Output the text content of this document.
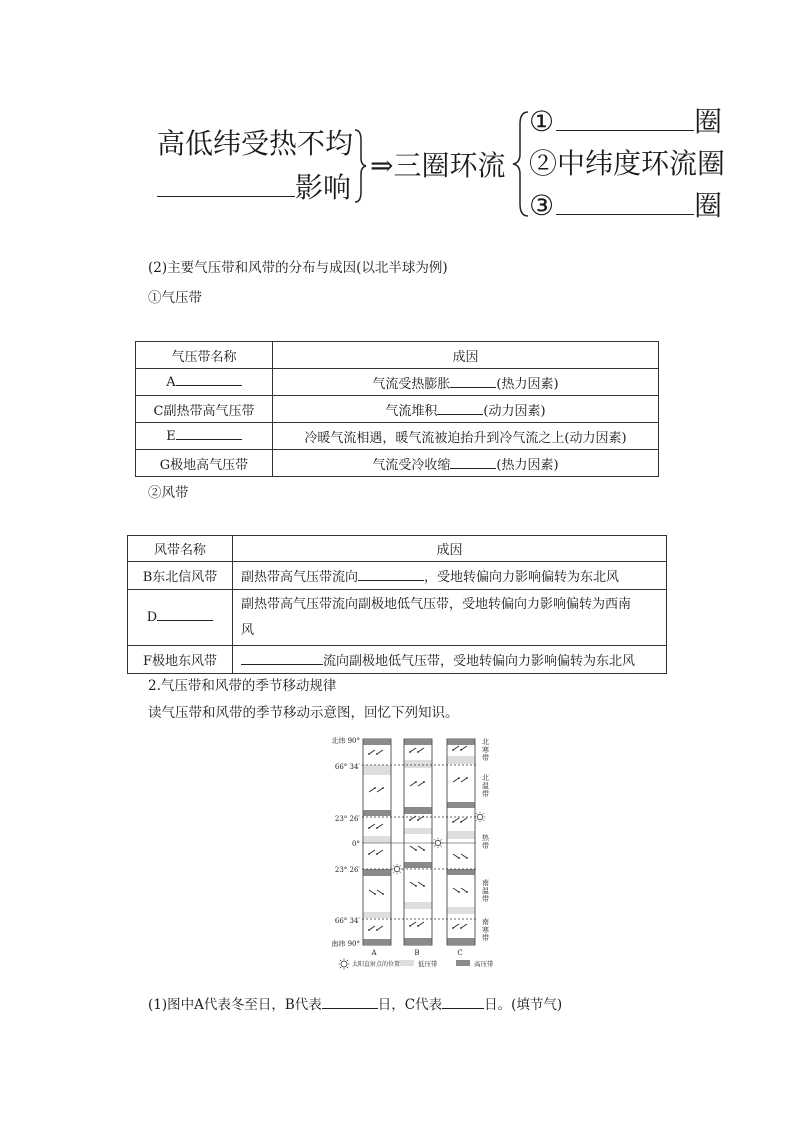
高低纬受热不均
影响
⇒三圈环流
①	圈
②中纬度环流圈
③	圈
(2)主要气压带和风带的分布与成因(以北半球为例)
①气压带
气压带名称	成因
A	气流受热膨胀 (热力因素)
C副热带高气压带	气流堆积 (动力因素)
E	冷暖气流相遇，暖气流被迫抬升到冷气流之上(动力因素)
G极地高气压带	气流受冷收缩 (热力因素)
②风带
风带名称	成因
B东北信风带	副热带高气压带流向 ，受地转偏向力影响偏转为东北风
D	副热带高气压带流向副极地低气压带，受地转偏向力影响偏转为西南
风
F极地东风带	流向副极地低气压带，受地转偏向力影响偏转为东北风
2.气压带和风带的季节移动规律
读气压带和风带的季节移动示意图，回忆下列知识。
北纬 90°
66° 34′
23° 26′
0°
23° 26′
66° 34′
南纬 90°
北寒带
北温带
热带
南温带
南寒带
A	B	C
太阳直射点的位置	低压带	高压带
(1)图中A代表冬至日，B代表	日，C代表	日。(填节气)
